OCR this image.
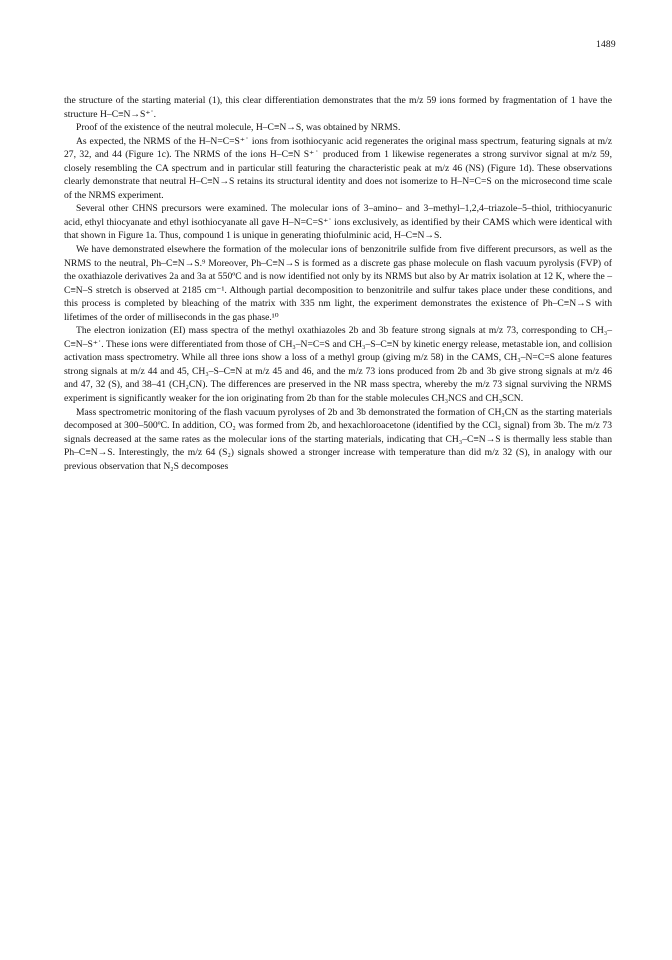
1489

the structure of the starting material (1), this clear differentiation demonstrates that the m/z 59 ions formed by fragmentation of 1 have the structure H–C≡N→S⁺˙.

Proof of the existence of the neutral molecule, H–C≡N→S, was obtained by NRMS.

As expected, the NRMS of the H–N=C=S⁺˙ ions from isothiocyanic acid regenerates the original mass spectrum, featuring signals at m/z 27, 32, and 44 (Figure 1c). The NRMS of the ions H–C≡N S⁺˙ produced from 1 likewise regenerates a strong survivor signal at m/z 59, closely resembling the CA spectrum and in particular still featuring the characteristic peak at m/z 46 (NS) (Figure 1d). These observations clearly demonstrate that neutral H–C≡N→S retains its structural identity and does not isomerize to H–N=C=S on the microsecond time scale of the NRMS experiment.

Several other CHNS precursors were examined. The molecular ions of 3–amino– and 3–methyl–1,2,4–triazole–5–thiol, trithiocyanuric acid, ethyl thiocyanate and ethyl isothiocyanate all gave H–N=C=S⁺˙ ions exclusively, as identified by their CAMS which were identical with that shown in Figure 1a. Thus, compound 1 is unique in generating thiofulminic acid, H–C≡N→S.

We have demonstrated elsewhere the formation of the molecular ions of benzonitrile sulfide from five different precursors, as well as the NRMS to the neutral, Ph–C≡N→S.⁹ Moreover, Ph–C≡N→S is formed as a discrete gas phase molecule on flash vacuum pyrolysis (FVP) of the oxathiazole derivatives 2a and 3a at 550ºC and is now identified not only by its NRMS but also by Ar matrix isolation at 12 K, where the –C≡N–S stretch is observed at 2185 cm⁻¹. Although partial decomposition to benzonitrile and sulfur takes place under these conditions, and this process is completed by bleaching of the matrix with 335 nm light, the experiment demonstrates the existence of Ph–C≡N→S with lifetimes of the order of milliseconds in the gas phase.¹⁰

The electron ionization (EI) mass spectra of the methyl oxathiazoles 2b and 3b feature strong signals at m/z 73, corresponding to CH₃–C≡N–S⁺˙. These ions were differentiated from those of CH₃–N=C=S and CH₃–S–C≡N by kinetic energy release, metastable ion, and collision activation mass spectrometry. While all three ions show a loss of a methyl group (giving m/z 58) in the CAMS, CH₃–N=C=S alone features strong signals at m/z 44 and 45, CH₃–S–C≡N at m/z 45 and 46, and the m/z 73 ions produced from 2b and 3b give strong signals at m/z 46 and 47, 32 (S), and 38–41 (CH₂CN). The differences are preserved in the NR mass spectra, whereby the m/z 73 signal surviving the NRMS experiment is significantly weaker for the ion originating from 2b than for the stable molecules CH₃NCS and CH₃SCN.

Mass spectrometric monitoring of the flash vacuum pyrolyses of 2b and 3b demonstrated the formation of CH₃CN as the starting materials decomposed at 300–500ºC. In addition, CO₂ was formed from 2b, and hexachloroacetone (identified by the CCl₃ signal) from 3b. The m/z 73 signals decreased at the same rates as the molecular ions of the starting materials, indicating that CH₃–C≡N→S is thermally less stable than Ph–C≡N→S. Interestingly, the m/z 64 (S₂) signals showed a stronger increase with temperature than did m/z 32 (S), in analogy with our previous observation that N₂S decomposes
